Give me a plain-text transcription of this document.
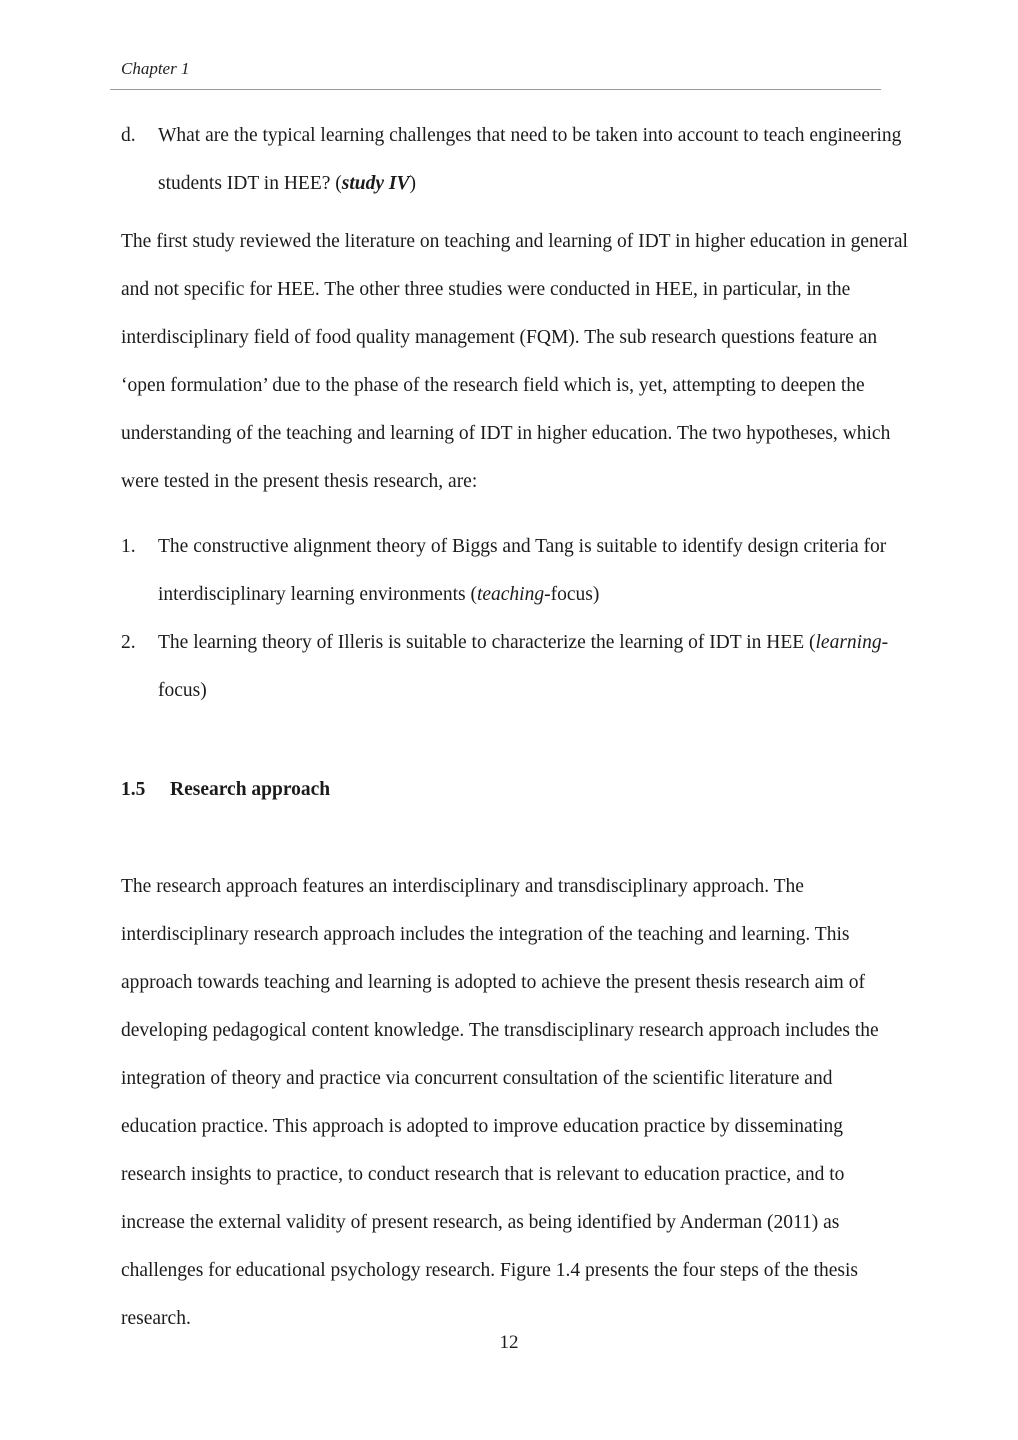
Chapter 1
d. What are the typical learning challenges that need to be taken into account to teach engineering students IDT in HEE? (study IV)
The first study reviewed the literature on teaching and learning of IDT in higher education in general and not specific for HEE. The other three studies were conducted in HEE, in particular, in the interdisciplinary field of food quality management (FQM). The sub research questions feature an ‘open formulation’ due to the phase of the research field which is, yet, attempting to deepen the understanding of the teaching and learning of IDT in higher education. The two hypotheses, which were tested in the present thesis research, are:
1. The constructive alignment theory of Biggs and Tang is suitable to identify design criteria for interdisciplinary learning environments (teaching-focus)
2. The learning theory of Illeris is suitable to characterize the learning of IDT in HEE (learning-focus)
1.5 Research approach
The research approach features an interdisciplinary and transdisciplinary approach. The interdisciplinary research approach includes the integration of the teaching and learning. This approach towards teaching and learning is adopted to achieve the present thesis research aim of developing pedagogical content knowledge. The transdisciplinary research approach includes the integration of theory and practice via concurrent consultation of the scientific literature and education practice. This approach is adopted to improve education practice by disseminating research insights to practice, to conduct research that is relevant to education practice, and to increase the external validity of present research, as being identified by Anderman (2011) as challenges for educational psychology research. Figure 1.4 presents the four steps of the thesis research.
12
